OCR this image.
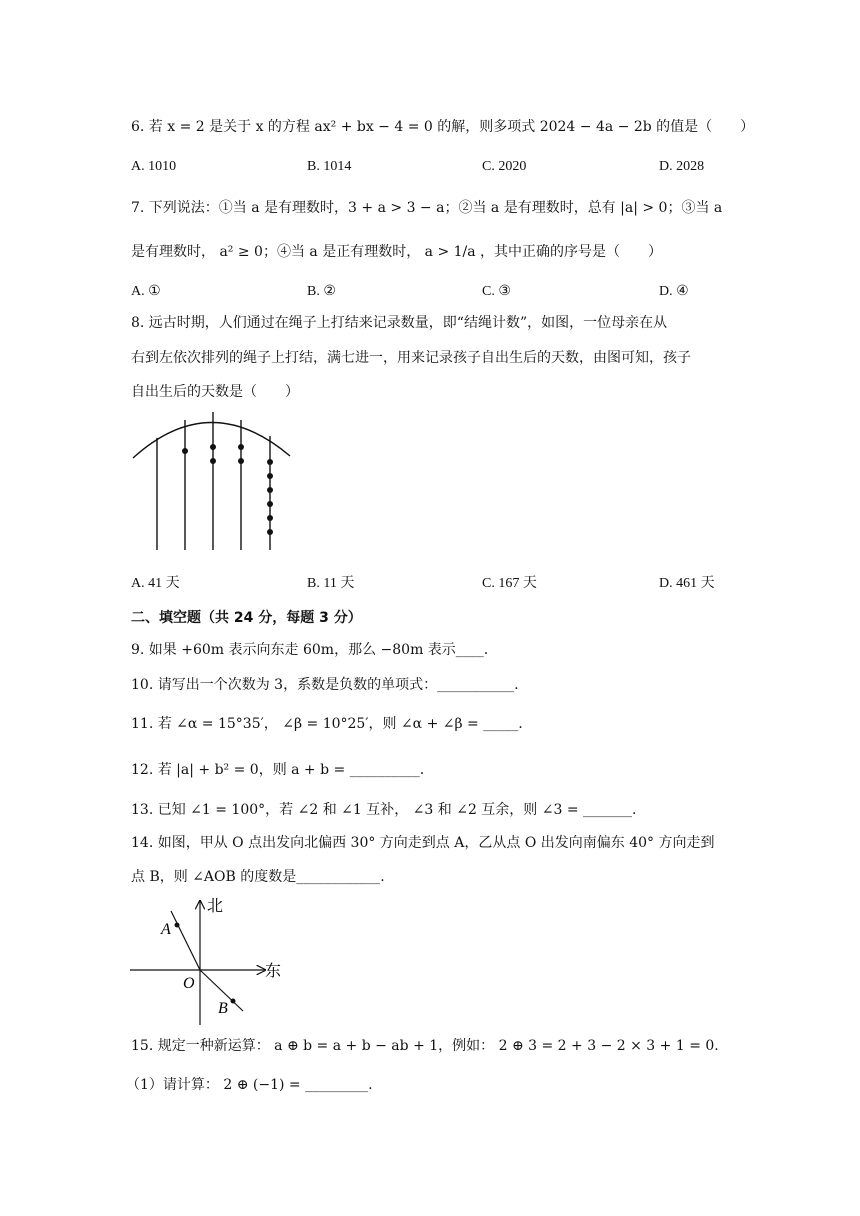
6. 若 x = 2 是关于 x 的方程 ax² + bx − 4 = 0 的解，则多项式 2024 − 4a − 2b 的值是（　　）
A. 1010	B. 1014	C. 2020	D. 2028
7. 下列说法：①当 a 是有理数时，3 + a > 3 − a；②当 a 是有理数时，总有 |a| > 0；③当 a
是有理数时， a² ≥ 0；④当 a 是正有理数时， a > 1/a ，其中正确的序号是（　　）
A. ①	B. ②	C. ③	D. ④
8. 远古时期，人们通过在绳子上打结来记录数量，即“结绳计数”，如图，一位母亲在从
右到左依次排列的绳子上打结，满七进一，用来记录孩子自出生后的天数，由图可知，孩子
自出生后的天数是（　　）
A. 41 天	B. 11 天	C. 167 天	D. 461 天
二、填空题（共 24 分，每题 3 分）
9. 如果 +60m 表示向东走 60m，那么 −80m 表示____.
10. 请写出一个次数为 3，系数是负数的单项式：___________.
11. 若 ∠α = 15°35′， ∠β = 10°25′，则 ∠α + ∠β = _____.
12. 若 |a| + b² = 0，则 a + b = __________.
13. 已知 ∠1 = 100°，若 ∠2 和 ∠1 互补， ∠3 和 ∠2 互余，则 ∠3 = _______.
14. 如图，甲从 O 点出发向北偏西 30° 方向走到点 A，乙从点 O 出发向南偏东 40° 方向走到
点 B，则 ∠AOB 的度数是____________.
北
东
A
B
O
15. 规定一种新运算： a ⊕ b = a + b − ab + 1，例如： 2 ⊕ 3 = 2 + 3 − 2 × 3 + 1 = 0.
（1）请计算： 2 ⊕ (−1) = _________.
